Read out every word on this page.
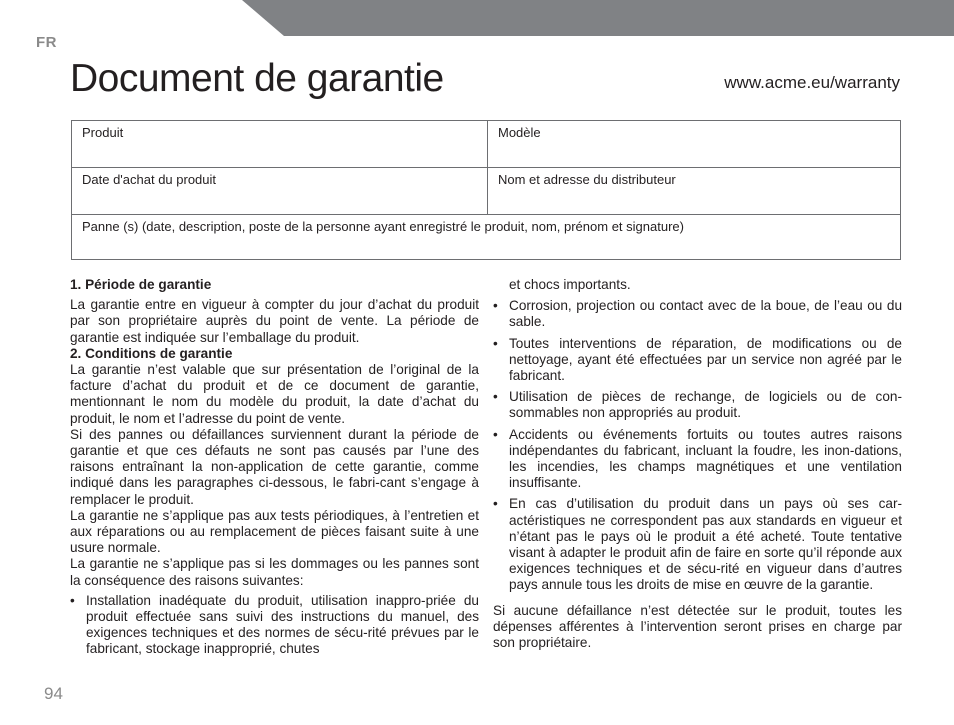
FR
Document de garantie	www.acme.eu/warranty
Produit	Modèle
Date d'achat du produit	Nom et adresse du distributeur
Panne (s) (date, description, poste de la personne ayant enregistré le produit, nom, prénom et signature)
1. Période de garantie

La garantie entre en vigueur à compter du jour d’achat du produit par son propriétaire auprès du point de vente. La période de garantie est indiquée sur l’emballage du produit.

2. Conditions de garantie

La garantie n’est valable que sur présentation de l’original de la facture d’achat du produit et de ce document de garantie, mentionnant le nom du modèle du produit, la date d’achat du produit, le nom et l’adresse du point de vente.

Si des pannes ou défaillances surviennent durant la période de garantie et que ces défauts ne sont pas causés par l’une des raisons entraînant la non-application de cette garantie, comme indiqué dans les paragraphes ci-dessous, le fabri-cant s’engage à remplacer le produit.

La garantie ne s’applique pas aux tests périodiques, à l’entretien et aux réparations ou au remplacement de pièces faisant suite à une usure normale.

La garantie ne s’applique pas si les dommages ou les pannes sont la conséquence des raisons suivantes:

• Installation inadéquate du produit, utilisation inappro-priée du produit effectuée sans suivi des instructions du manuel, des exigences techniques et des normes de sécu-rité prévues par le fabricant, stockage inapproprié, chutes

et chocs importants.

• Corrosion, projection ou contact avec de la boue, de l’eau ou du sable.
• Toutes interventions de réparation, de modifications ou de nettoyage, ayant été effectuées par un service non agréé par le fabricant.
• Utilisation de pièces de rechange, de logiciels ou de con-sommables non appropriés au produit.
• Accidents ou événements fortuits ou toutes autres raisons indépendantes du fabricant, incluant la foudre, les inon-dations, les incendies, les champs magnétiques et une ventilation insuffisante.
• En cas d’utilisation du produit dans un pays où ses car-actéristiques ne correspondent pas aux standards en vigueur et n’étant pas le pays où le produit a été acheté. Toute tentative visant à adapter le produit afin de faire en sorte qu’il réponde aux exigences techniques et de sécu-rité en vigueur dans d’autres pays annule tous les droits de mise en œuvre de la garantie.

Si aucune défaillance n’est détectée sur le produit, toutes les dépenses afférentes à l’intervention seront prises en charge par son propriétaire.

94
